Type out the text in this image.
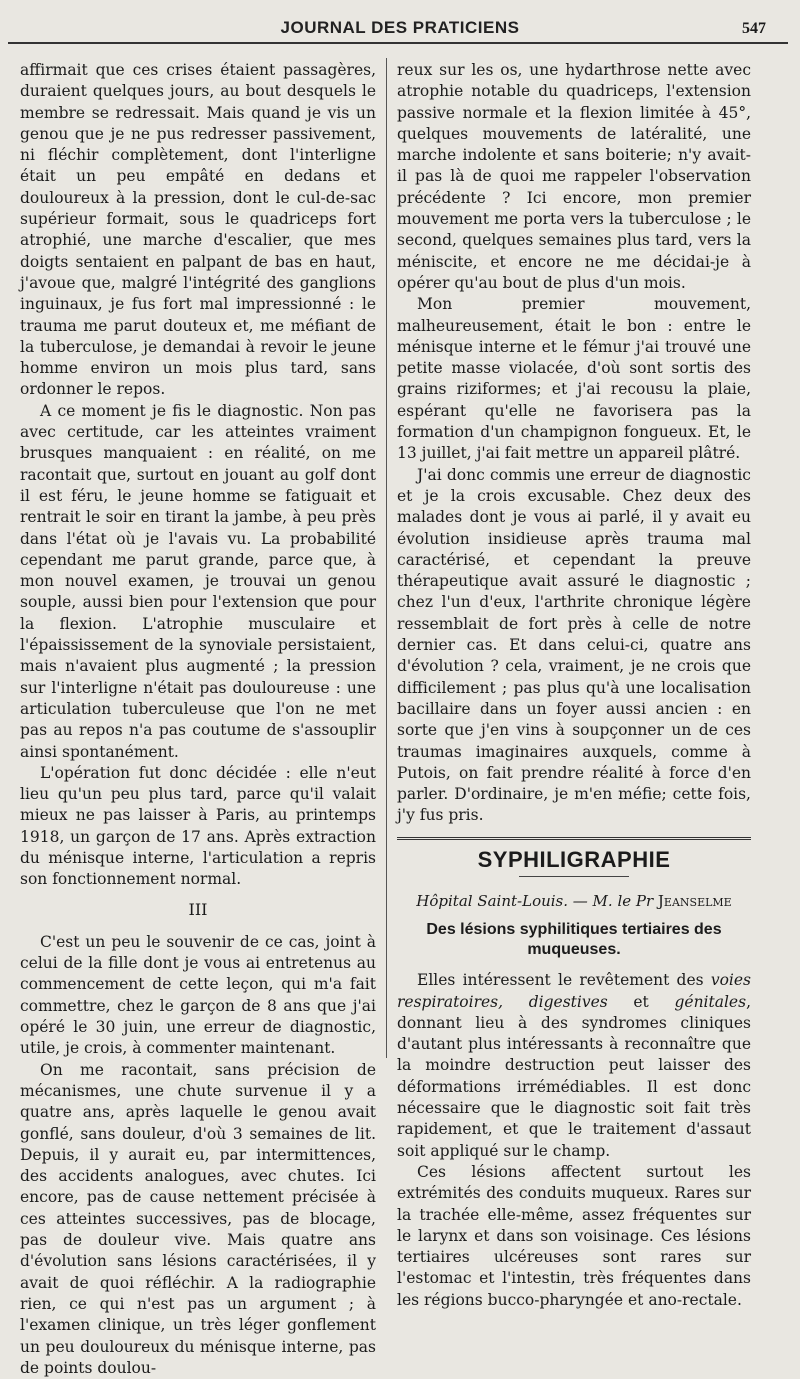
JOURNAL DES PRATICIENS	547

affirmait que ces crises étaient passagères, duraient quelques jours, au bout desquels le membre se redressait. Mais quand je vis un genou que je ne pus redresser passivement, ni fléchir complètement, dont l'interligne était un peu empâté en dedans et douloureux à la pression, dont le cul-de-sac supérieur formait, sous le quadriceps fort atrophié, une marche d'escalier, que mes doigts sentaient en palpant de bas en haut, j'avoue que, malgré l'intégrité des ganglions inguinaux, je fus fort mal impressionné : le trauma me parut douteux et, me méfiant de la tuberculose, je demandai à revoir le jeune homme environ un mois plus tard, sans ordonner le repos.

A ce moment je fis le diagnostic. Non pas avec certitude, car les atteintes vraiment brusques manquaient : en réalité, on me racontait que, surtout en jouant au golf dont il est féru, le jeune homme se fatiguait et rentrait le soir en tirant la jambe, à peu près dans l'état où je l'avais vu. La probabilité cependant me parut grande, parce que, à mon nouvel examen, je trouvai un genou souple, aussi bien pour l'extension que pour la flexion. L'atrophie musculaire et l'épaississement de la synoviale persistaient, mais n'avaient plus augmenté ; la pression sur l'interligne n'était pas douloureuse : une articulation tuberculeuse que l'on ne met pas au repos n'a pas coutume de s'assouplir ainsi spontanément.

L'opération fut donc décidée : elle n'eut lieu qu'un peu plus tard, parce qu'il valait mieux ne pas laisser à Paris, au printemps 1918, un garçon de 17 ans. Après extraction du ménisque interne, l'articulation a repris son fonctionnement normal.

III

C'est un peu le souvenir de ce cas, joint à celui de la fille dont je vous ai entretenus au commencement de cette leçon, qui m'a fait commettre, chez le garçon de 8 ans que j'ai opéré le 30 juin, une erreur de diagnostic, utile, je crois, à commenter maintenant.

On me racontait, sans précision de mécanismes, une chute survenue il y a quatre ans, après laquelle le genou avait gonflé, sans douleur, d'où 3 semaines de lit. Depuis, il y aurait eu, par intermittences, des accidents analogues, avec chutes. Ici encore, pas de cause nettement précisée à ces atteintes successives, pas de blocage, pas de douleur vive. Mais quatre ans d'évolution sans lésions caractérisées, il y avait de quoi réfléchir. A la radiographie rien, ce qui n'est pas un argument ; à l'examen clinique, un très léger gonflement un peu douloureux du ménisque interne, pas de points doulou-

reux sur les os, une hydarthrose nette avec atrophie notable du quadriceps, l'extension passive normale et la flexion limitée à 45°, quelques mouvements de latéralité, une marche indolente et sans boiterie; n'y avait-il pas là de quoi me rappeler l'observation précédente ? Ici encore, mon premier mouvement me porta vers la tuberculose ; le second, quelques semaines plus tard, vers la méniscite, et encore ne me décidai-je à opérer qu'au bout de plus d'un mois.

Mon premier mouvement, malheureusement, était le bon : entre le ménisque interne et le fémur j'ai trouvé une petite masse violacée, d'où sont sortis des grains riziformes; et j'ai recousu la plaie, espérant qu'elle ne favorisera pas la formation d'un champignon fongueux. Et, le 13 juillet, j'ai fait mettre un appareil plâtré.

J'ai donc commis une erreur de diagnostic et je la crois excusable. Chez deux des malades dont je vous ai parlé, il y avait eu évolution insidieuse après trauma mal caractérisé, et cependant la preuve thérapeutique avait assuré le diagnostic ; chez l'un d'eux, l'arthrite chronique légère ressemblait de fort près à celle de notre dernier cas. Et dans celui-ci, quatre ans d'évolution ? cela, vraiment, je ne crois que difficilement ; pas plus qu'à une localisation bacillaire dans un foyer aussi ancien : en sorte que j'en vins à soupçonner un de ces traumas imaginaires auxquels, comme à Putois, on fait prendre réalité à force d'en parler. D'ordinaire, je m'en méfie; cette fois, j'y fus pris.

SYPHILIGRAPHIE
Hôpital Saint-Louis. — M. le Pr Jeanselme
Des lésions syphilitiques tertiaires des muqueuses.

Elles intéressent le revêtement des voies respiratoires, digestives et génitales, donnant lieu à des syndromes cliniques d'autant plus intéressants à reconnaître que la moindre destruction peut laisser des déformations irrémédiables. Il est donc nécessaire que le diagnostic soit fait très rapidement, et que le traitement d'assaut soit appliqué sur le champ.

Ces lésions affectent surtout les extrémités des conduits muqueux. Rares sur la trachée elle-même, assez fréquentes sur le larynx et dans son voisinage. Ces lésions tertiaires ulcéreuses sont rares sur l'estomac et l'intestin, très fréquentes dans les régions bucco-pharyngée et ano-rectale.
